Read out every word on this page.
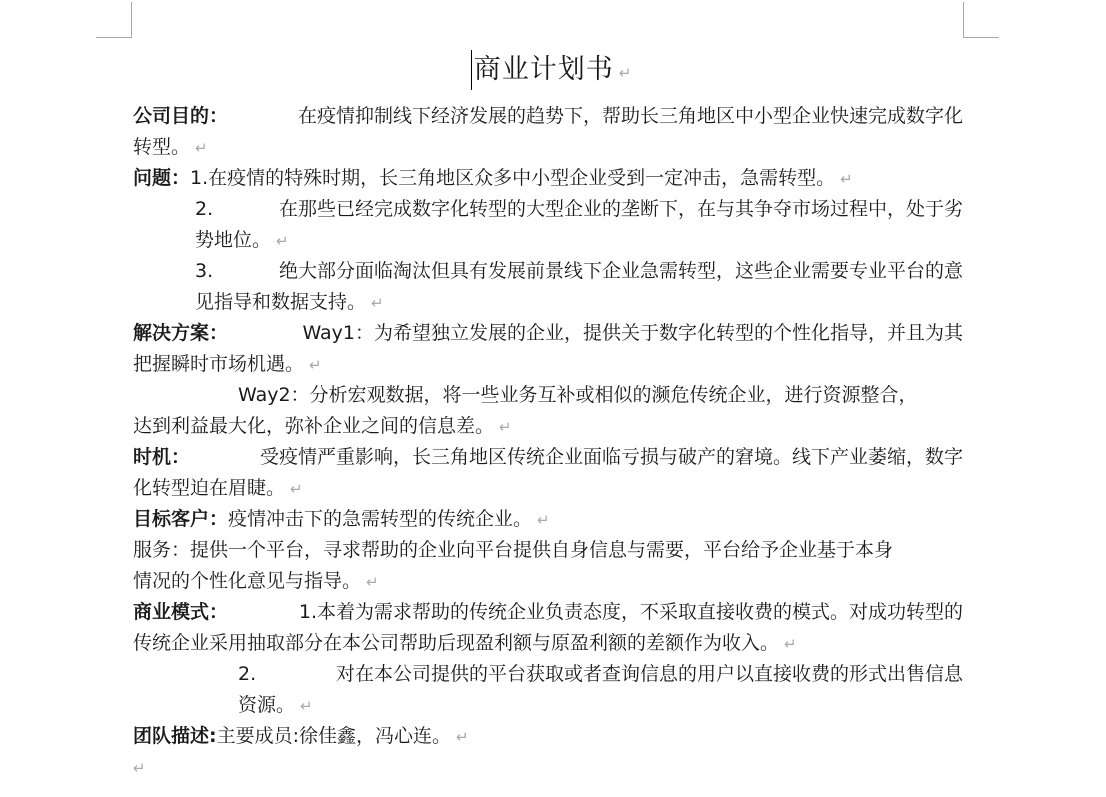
商业计划书 ↵
公司目的：	在疫情抑制线下经济发展的趋势下，帮助长三角地区中小型企业快速完成数字化
转型。 ↵
问题：1.在疫情的特殊时期，长三角地区众多中小型企业受到一定冲击，急需转型。 ↵
2.	在那些已经完成数字化转型的大型企业的垄断下，在与其争夺市场过程中，处于劣
势地位。 ↵
3.	绝大部分面临淘汰但具有发展前景线下企业急需转型，这些企业需要专业平台的意
见指导和数据支持。 ↵
解决方案：	Way1：为希望独立发展的企业，提供关于数字化转型的个性化指导，并且为其
把握瞬时市场机遇。 ↵
Way2：分析宏观数据，将一些业务互补或相似的濒危传统企业，进行资源整合，
达到利益最大化，弥补企业之间的信息差。 ↵
时机：	受疫情严重影响，长三角地区传统企业面临亏损与破产的窘境。线下产业萎缩，数字
化转型迫在眉睫。 ↵
目标客户：疫情冲击下的急需转型的传统企业。 ↵
服务：提供一个平台，寻求帮助的企业向平台提供自身信息与需要，平台给予企业基于本身
情况的个性化意见与指导。 ↵
商业模式：	1.本着为需求帮助的传统企业负责态度，不采取直接收费的模式。对成功转型的
传统企业采用抽取部分在本公司帮助后现盈利额与原盈利额的差额作为收入。 ↵
2.	对在本公司提供的平台获取或者查询信息的用户以直接收费的形式出售信息
资源。 ↵
团队描述:主要成员:徐佳鑫，冯心连。 ↵
↵
